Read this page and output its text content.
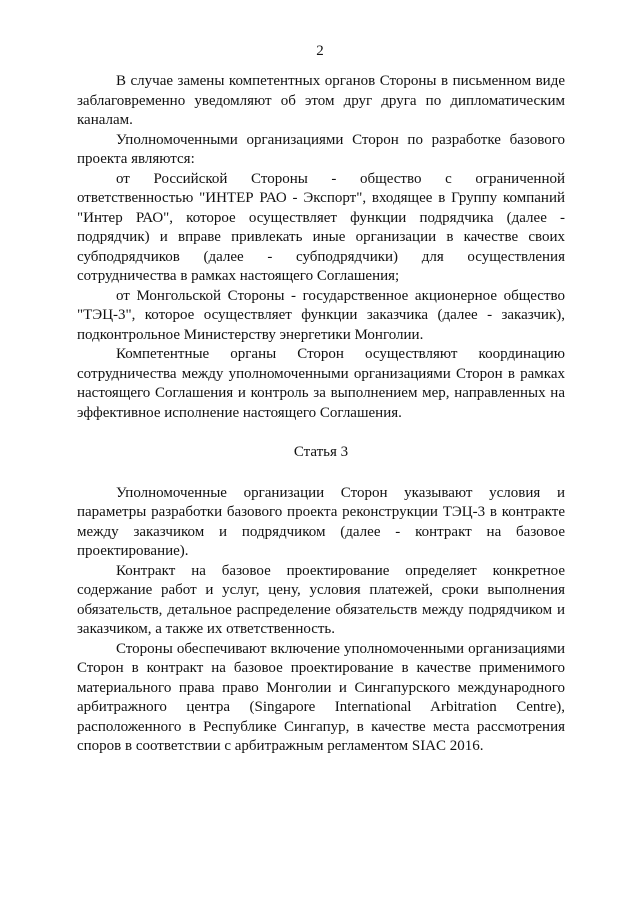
2

В случае замены компетентных органов Стороны в письменном виде заблаговременно уведомляют об этом друг друга по дипломатическим каналам.

Уполномоченными организациями Сторон по разработке базового проекта являются:

от Российской Стороны - общество с ограниченной ответственностью "ИНТЕР РАО - Экспорт", входящее в Группу компаний "Интер РАО", которое осуществляет функции подрядчика (далее - подрядчик) и вправе привлекать иные организации в качестве своих субподрядчиков (далее - субподрядчики) для осуществления сотрудничества в рамках настоящего Соглашения;

от Монгольской Стороны - государственное акционерное общество "ТЭЦ-3", которое осуществляет функции заказчика (далее - заказчик), подконтрольное Министерству энергетики Монголии.

Компетентные органы Сторон осуществляют координацию сотрудничества между уполномоченными организациями Сторон в рамках настоящего Соглашения и контроль за выполнением мер, направленных на эффективное исполнение настоящего Соглашения.

Статья 3

Уполномоченные организации Сторон указывают условия и параметры разработки базового проекта реконструкции ТЭЦ-3 в контракте между заказчиком и подрядчиком (далее - контракт на базовое проектирование).

Контракт на базовое проектирование определяет конкретное содержание работ и услуг, цену, условия платежей, сроки выполнения обязательств, детальное распределение обязательств между подрядчиком и заказчиком, а также их ответственность.

Стороны обеспечивают включение уполномоченными организациями Сторон в контракт на базовое проектирование в качестве применимого материального права право Монголии и Сингапурского международного арбитражного центра (Singapore International Arbitration Centre), расположенного в Республике Сингапур, в качестве места рассмотрения споров в соответствии с арбитражным регламентом SIAC 2016.
